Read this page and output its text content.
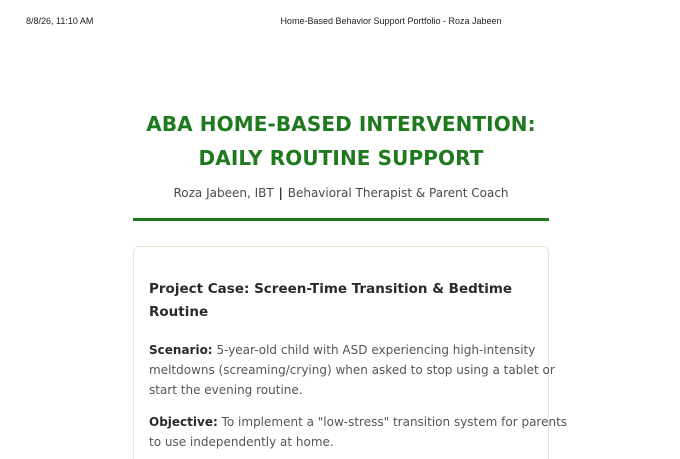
8/8/26, 11:10 AM	Home-Based Behavior Support Portfolio - Roza Jabeen
ABA HOME-BASED INTERVENTION:
DAILY ROUTINE SUPPORT
Roza Jabeen, IBT | Behavioral Therapist & Parent Coach
Project Case: Screen-Time Transition & Bedtime
Routine

Scenario: 5-year-old child with ASD experiencing high-intensity
meltdowns (screaming/crying) when asked to stop using a tablet or
start the evening routine.

Objective: To implement a "low-stress" transition system for parents
to use independently at home.
